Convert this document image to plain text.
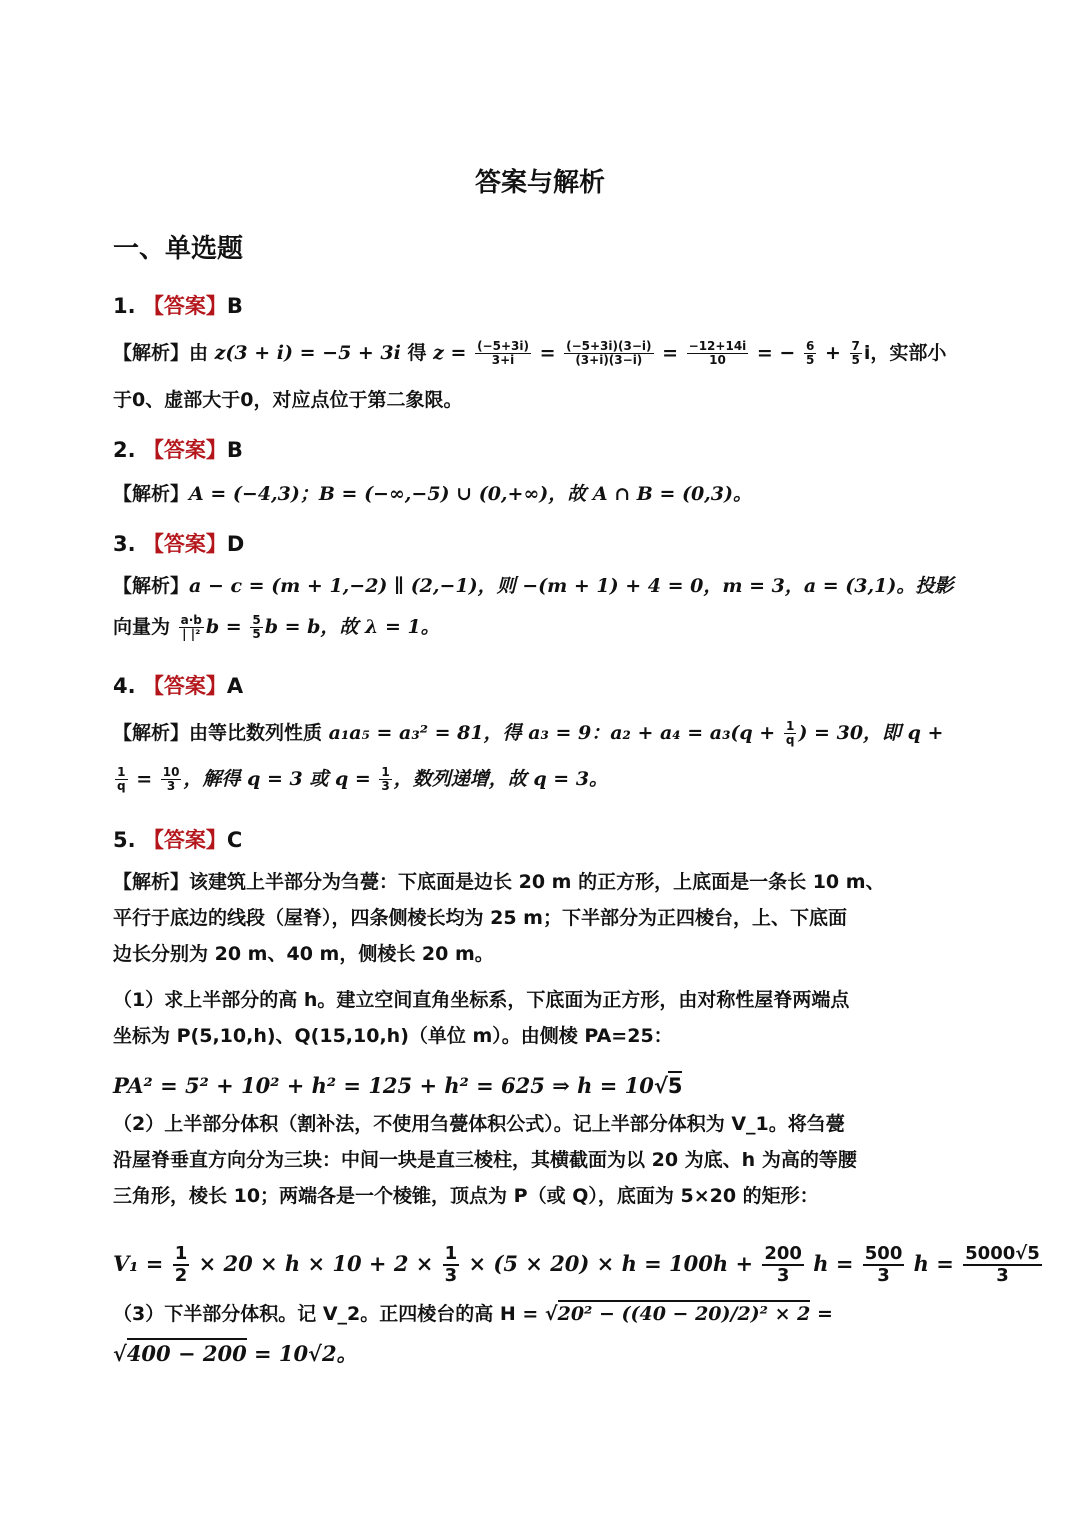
答案与解析
一、单选题
1. 【答案】B
【解析】由 z(3 + i) = −5 + 3i 得 $z = \frac{(-5+3i)}{3+i} = \frac{(-5+3i)(3-i)}{(3+i)(3-i)} = \frac{-12+14i}{10}$ = − $\frac{6}{5} + \frac{7}{5}$ i，实部小
于0、虚部大于0，对应点位于第二象限。
2. 【答案】B
【解析】A = (−4,3)；B = (−∞,−5) ∪ (0,+∞)，故 A ∩ B = (0,3)。
3. 【答案】D
【解析】a − c = (m + 1,−2) ∥ (2,−1)，则 −(m + 1) + 4 = 0，m = 3，a = (3,1)。投影
向量为 $\frac{a\cdot b}{\text{| |²}}$ $b = \frac{5}{5}$ b = b，故 λ = 1。
4. 【答案】A
【解析】由等比数列性质 a₁a₅ = a₃² = 81，得 a₃ = 9：$a_2 + a_4 = a_3(q + \frac{1}{q}$ ) = 30，即 q +
$\frac{1}{q} = \frac{10}{3}$ ，解得 q = 3 或 $q = \frac{1}{3}$ ，数列递增，故 q = 3。
5. 【答案】C
【解析】该建筑上半部分为刍甍：下底面是边长 20 m 的正方形，上底面是一条长 10 m、
平行于底边的线段（屋脊），四条侧棱长均为 25 m；下半部分为正四棱台，上、下底面
边长分别为 20 m、40 m，侧棱长 20 m。
（1）求上半部分的高 h。建立空间直角坐标系，下底面为正方形，由对称性屋脊两端点
坐标为 P(5,10,h)、Q(15,10,h)（单位 m）。由侧棱 PA=25：
PA² = 5² + 10² + h² = 125 + h² = 625 ⇒ h = 10√5
（2）上半部分体积（割补法，不使用刍甍体积公式）。记上半部分体积为 V_1。将刍甍
沿屋脊垂直方向分为三块：中间一块是直三棱柱，其横截面为以 20 为底、h 为高的等腰
三角形，棱长 10；两端各是一个棱锥，顶点为 P（或 Q），底面为 5×20 的矩形：
$V_1 = \frac{1}{2} \times 20 \times h \times 10 + 2 \times \frac{1}{3} \times (5 \times 20) \times h = 100h + \frac{200}{3}$ $h = \frac{500}{3}$ $h = \frac{5000√5}{3}$
（3）下半部分体积。记 V_2。正四棱台的高 H = √20² − ((40 − 20)/2)² × 2 =
√400 − 200 = 10√2。
